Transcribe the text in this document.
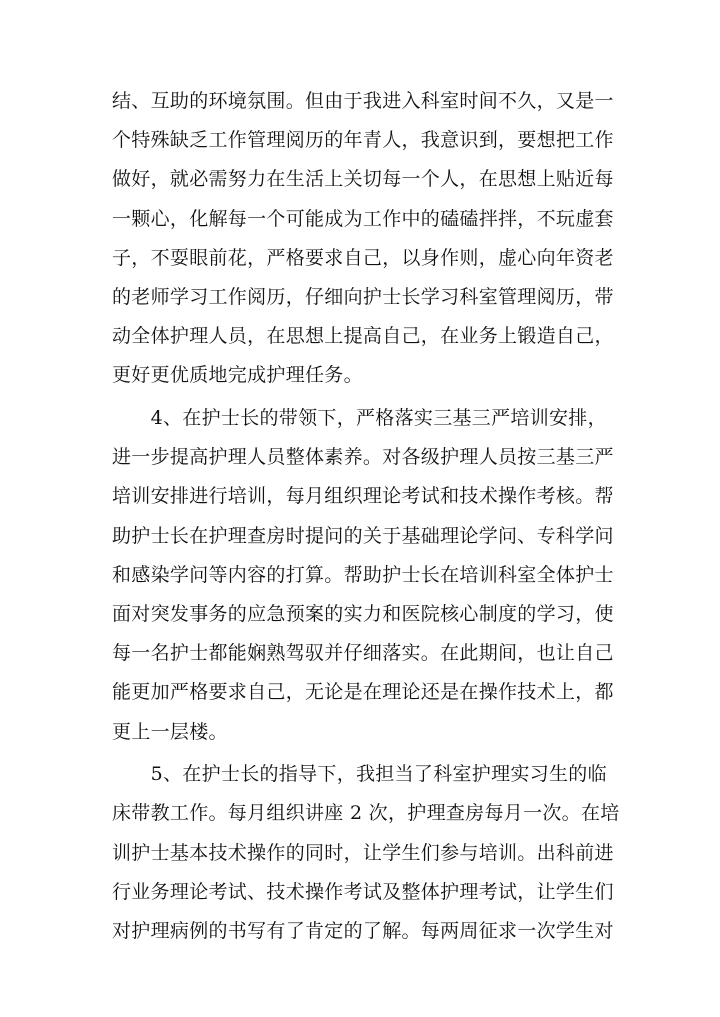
结、互助的环境氛围。但由于我进入科室时间不久，又是一
个特殊缺乏工作管理阅历的年青人，我意识到，要想把工作
做好，就必需努力在生活上关切每一个人，在思想上贴近每
一颗心，化解每一个可能成为工作中的磕磕拌拌，不玩虚套
子，不耍眼前花，严格要求自己，以身作则，虚心向年资老
的老师学习工作阅历，仔细向护士长学习科室管理阅历，带
动全体护理人员，在思想上提高自己，在业务上锻造自己，
更好更优质地完成护理任务。
　　4、在护士长的带领下，严格落实三基三严培训安排，
进一步提高护理人员整体素养。对各级护理人员按三基三严
培训安排进行培训，每月组织理论考试和技术操作考核。帮
助护士长在护理查房时提问的关于基础理论学问、专科学问
和感染学问等内容的打算。帮助护士长在培训科室全体护士
面对突发事务的应急预案的实力和医院核心制度的学习，使
每一名护士都能娴熟驾驭并仔细落实。在此期间，也让自己
能更加严格要求自己，无论是在理论还是在操作技术上，都
更上一层楼。
　　5、在护士长的指导下，我担当了科室护理实习生的临
床带教工作。每月组织讲座 2 次，护理查房每月一次。在培
训护士基本技术操作的同时，让学生们参与培训。出科前进
行业务理论考试、技术操作考试及整体护理考试，让学生们
对护理病例的书写有了肯定的了解。每两周征求一次学生对
